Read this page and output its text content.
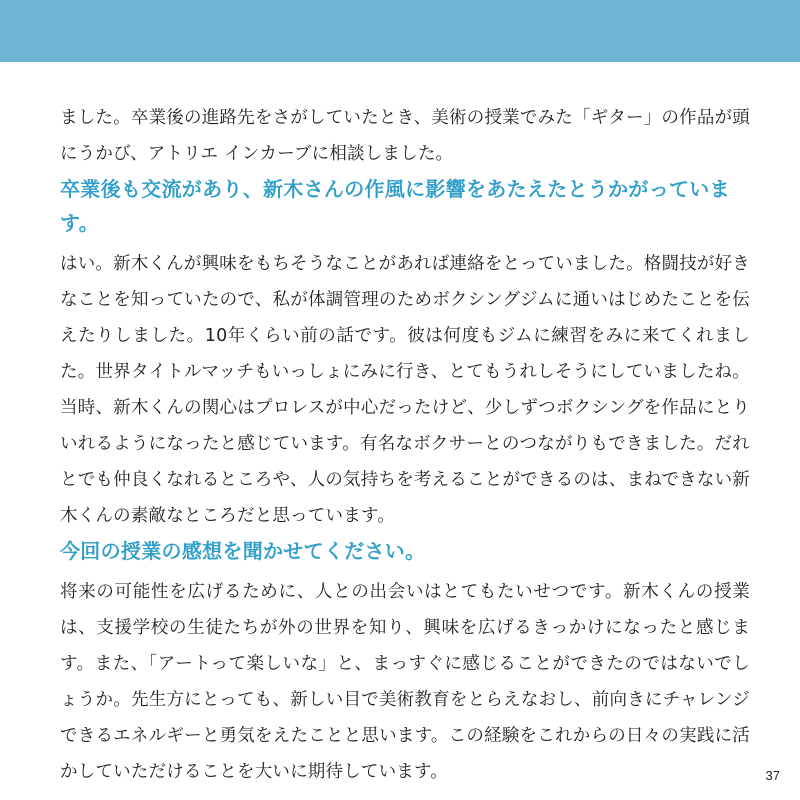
ました。卒業後の進路先をさがしていたとき、美術の授業でみた「ギター」の作品が頭にうかび、アトリエ インカーブに相談しました。

卒業後も交流があり、新木さんの作風に影響をあたえたとうかがっています。

はい。新木くんが興味をもちそうなことがあれば連絡をとっていました。格闘技が好きなことを知っていたので、私が体調管理のためボクシングジムに通いはじめたことを伝えたりしました。10年くらい前の話です。彼は何度もジムに練習をみに来てくれました。世界タイトルマッチもいっしょにみに行き、とてもうれしそうにしていましたね。当時、新木くんの関心はプロレスが中心だったけど、少しずつボクシングを作品にとりいれるようになったと感じています。有名なボクサーとのつながりもできました。だれとでも仲良くなれるところや、人の気持ちを考えることができるのは、まねできない新木くんの素敵なところだと思っています。

今回の授業の感想を聞かせてください。

将来の可能性を広げるために、人との出会いはとてもたいせつです。新木くんの授業は、支援学校の生徒たちが外の世界を知り、興味を広げるきっかけになったと感じます。また、「アートって楽しいな」と、まっすぐに感じることができたのではないでしょうか。先生方にとっても、新しい目で美術教育をとらえなおし、前向きにチャレンジできるエネルギーと勇気をえたことと思います。この経験をこれからの日々の実践に活かしていただけることを大いに期待しています。	37
